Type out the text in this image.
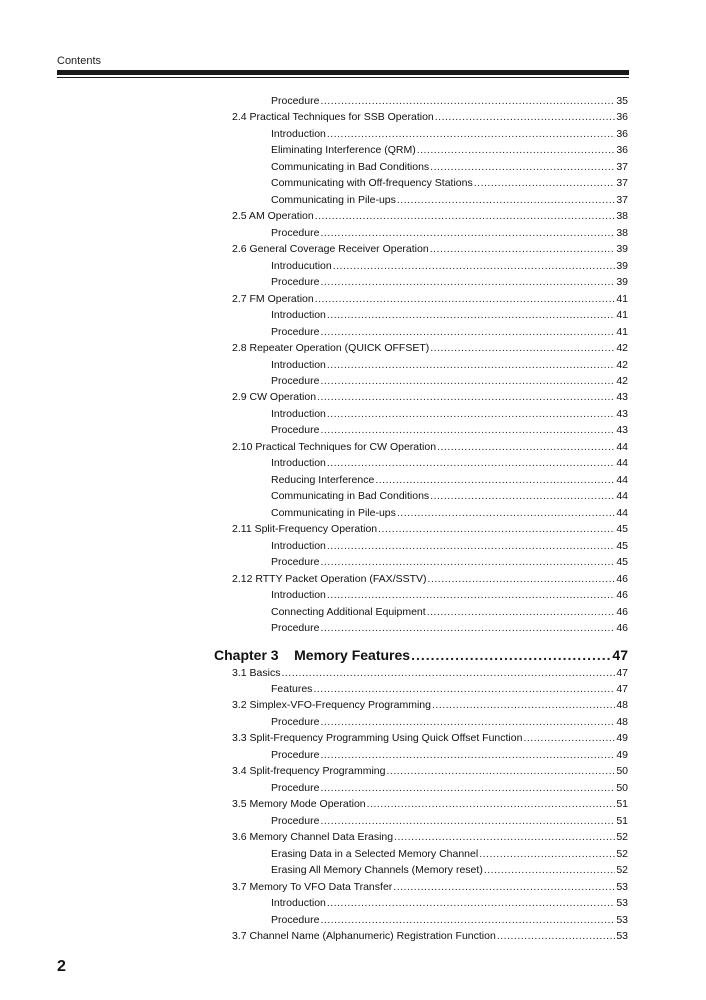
Contents
Procedure .....	35
2.4 Practical Techniques for SSB Operation .....	36
Introduction .....	36
Eliminating Interference (QRM) .....	36
Communicating in Bad Conditions .....	37
Communicating with Off-frequency Stations .....	37
Communicating in Pile-ups .....	37
2.5 AM Operation .....	38
Procedure .....	38
2.6 General Coverage Receiver Operation .....	39
Introducution .....	39
Procedure .....	39
2.7 FM Operation .....	41
Introduction .....	41
Procedure .....	41
2.8 Repeater Operation (QUICK OFFSET) .....	42
Introduction .....	42
Procedure .....	42
2.9 CW Operation .....	43
Introduction .....	43
Procedure .....	43
2.10 Practical Techniques for CW Operation .....	44
Introduction .....	44
Reducing Interference .....	44
Communicating in Bad Conditions .....	44
Communicating in Pile-ups .....	44
2.11 Split-Frequency Operation .....	45
Introduction .....	45
Procedure .....	45
2.12 RTTY Packet Operation (FAX/SSTV) .....	46
Introduction .....	46
Connecting Additional Equipment .....	46
Procedure .....	46
Chapter 3    Memory Features .....	47
3.1 Basics .....	47
Features .....	47
3.2 Simplex-VFO-Frequency Programming .....	48
Procedure .....	48
3.3 Split-Frequency Programming Using Quick Offset Function .....	49
Procedure .....	49
3.4 Split-frequency Programming .....	50
Procedure .....	50
3.5 Memory Mode Operation .....	51
Procedure .....	51
3.6 Memory Channel Data Erasing .....	52
Erasing Data in a Selected Memory Channel .....	52
Erasing All Memory Channels (Memory reset) .....	52
3.7 Memory To VFO Data Transfer .....	53
Introduction .....	53
Procedure .....	53
3.7 Channel Name (Alphanumeric) Registration Function .....	53
2
